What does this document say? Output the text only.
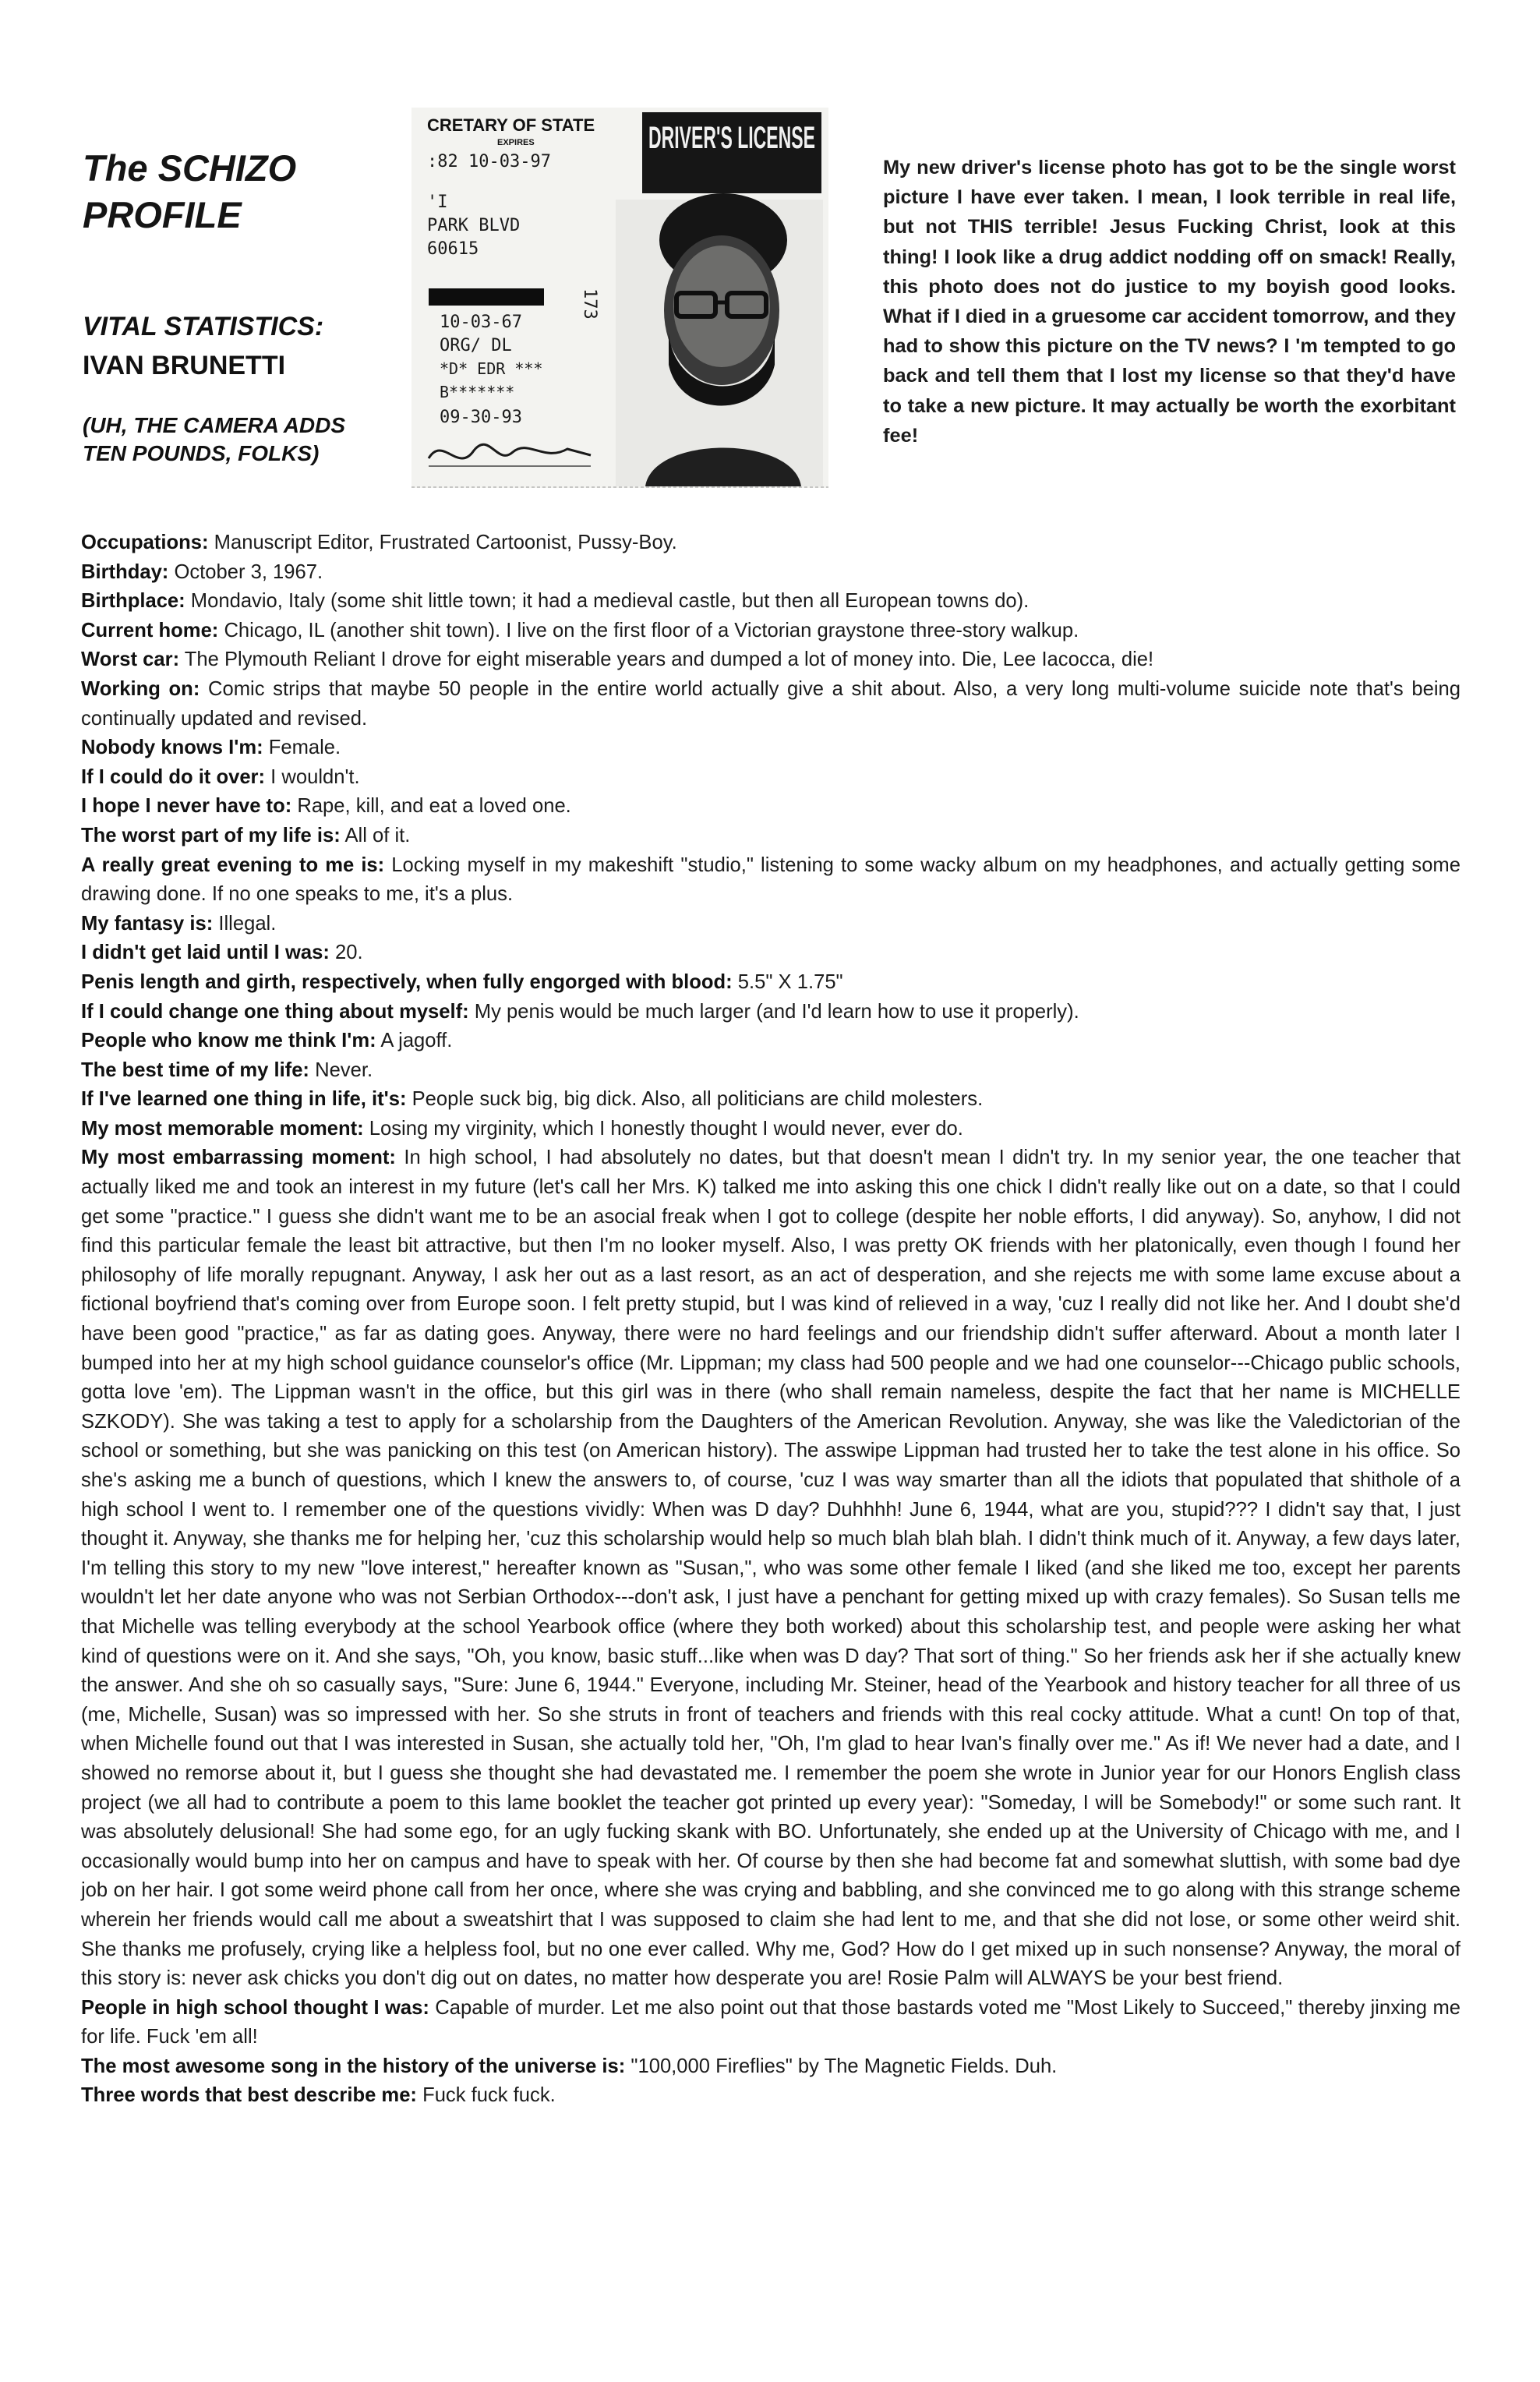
The SCHIZO
PROFILE

VITAL STATISTICS:

IVAN BRUNETTI

(UH, THE CAMERA ADDS
TEN POUNDS, FOLKS)

CRETARY OF STATE
EXPIRES
:82 10-03-97
'I
PARK BLVD
60615
10-03-67
ORG/ DL
*D* EDR ***
B*******
09-30-93
173
DRIVER'S LICENSE

My new driver's license photo has got to be the single worst picture I have ever taken. I mean, I look terrible in real life, but not THIS terrible! Jesus Fucking Christ, look at this thing! I look like a drug addict nodding off on smack! Really, this photo does not do justice to my boyish good looks. What if I died in a gruesome car accident tomorrow, and they had to show this picture on the TV news? I 'm tempted to go back and tell them that I lost my license so that they'd have to take a new picture. It may actually be worth the exorbitant fee!

Occupations: Manuscript Editor, Frustrated Cartoonist, Pussy-Boy.

Birthday: October 3, 1967.

Birthplace: Mondavio, Italy (some shit little town; it had a medieval castle, but then all European towns do).

Current home: Chicago, IL (another shit town). I live on the first floor of a Victorian graystone three-story walkup.

Worst car: The Plymouth Reliant I drove for eight miserable years and dumped a lot of money into. Die, Lee Iacocca, die!

Working on: Comic strips that maybe 50 people in the entire world actually give a shit about. Also, a very long multi-volume suicide note that's being continually updated and revised.

Nobody knows I'm: Female.

If I could do it over: I wouldn't.

I hope I never have to: Rape, kill, and eat a loved one.

The worst part of my life is: All of it.

A really great evening to me is: Locking myself in my makeshift "studio," listening to some wacky album on my headphones, and actually getting some drawing done. If no one speaks to me, it's a plus.

My fantasy is: Illegal.

I didn't get laid until I was: 20.

Penis length and girth, respectively, when fully engorged with blood: 5.5" X 1.75"

If I could change one thing about myself: My penis would be much larger (and I'd learn how to use it properly).

People who know me think I'm: A jagoff.

The best time of my life: Never.

If I've learned one thing in life, it's: People suck big, big dick. Also, all politicians are child molesters.

My most memorable moment: Losing my virginity, which I honestly thought I would never, ever do.

My most embarrassing moment: In high school, I had absolutely no dates, but that doesn't mean I didn't try. In my senior year, the one teacher that actually liked me and took an interest in my future (let's call her Mrs. K) talked me into asking this one chick I didn't really like out on a date, so that I could get some "practice." I guess she didn't want me to be an asocial freak when I got to college (despite her noble efforts, I did anyway). So, anyhow, I did not find this particular female the least bit attractive, but then I'm no looker myself. Also, I was pretty OK friends with her platonically, even though I found her philosophy of life morally repugnant. Anyway, I ask her out as a last resort, as an act of desperation, and she rejects me with some lame excuse about a fictional boyfriend that's coming over from Europe soon. I felt pretty stupid, but I was kind of relieved in a way, 'cuz I really did not like her. And I doubt she'd have been good "practice," as far as dating goes. Anyway, there were no hard feelings and our friendship didn't suffer afterward. About a month later I bumped into her at my high school guidance counselor's office (Mr. Lippman; my class had 500 people and we had one counselor---Chicago public schools, gotta love 'em). The Lippman wasn't in the office, but this girl was in there (who shall remain nameless, despite the fact that her name is MICHELLE SZKODY). She was taking a test to apply for a scholarship from the Daughters of the American Revolution. Anyway, she was like the Valedictorian of the school or something, but she was panicking on this test (on American history). The asswipe Lippman had trusted her to take the test alone in his office. So she's asking me a bunch of questions, which I knew the answers to, of course, 'cuz I was way smarter than all the idiots that populated that shithole of a high school I went to. I remember one of the questions vividly: When was D day? Duhhhh! June 6, 1944, what are you, stupid??? I didn't say that, I just thought it. Anyway, she thanks me for helping her, 'cuz this scholarship would help so much blah blah blah. I didn't think much of it. Anyway, a few days later, I'm telling this story to my new "love interest," hereafter known as "Susan,", who was some other female I liked (and she liked me too, except her parents wouldn't let her date anyone who was not Serbian Orthodox---don't ask, I just have a penchant for getting mixed up with crazy females). So Susan tells me that Michelle was telling everybody at the school Yearbook office (where they both worked) about this scholarship test, and people were asking her what kind of questions were on it. And she says, "Oh, you know, basic stuff...like when was D day? That sort of thing." So her friends ask her if she actually knew the answer. And she oh so casually says, "Sure: June 6, 1944." Everyone, including Mr. Steiner, head of the Yearbook and history teacher for all three of us (me, Michelle, Susan) was so impressed with her. So she struts in front of teachers and friends with this real cocky attitude. What a cunt! On top of that, when Michelle found out that I was interested in Susan, she actually told her, "Oh, I'm glad to hear Ivan's finally over me." As if! We never had a date, and I showed no remorse about it, but I guess she thought she had devastated me. I remember the poem she wrote in Junior year for our Honors English class project (we all had to contribute a poem to this lame booklet the teacher got printed up every year): "Someday, I will be Somebody!" or some such rant. It was absolutely delusional! She had some ego, for an ugly fucking skank with BO. Unfortunately, she ended up at the University of Chicago with me, and I occasionally would bump into her on campus and have to speak with her. Of course by then she had become fat and somewhat sluttish, with some bad dye job on her hair. I got some weird phone call from her once, where she was crying and babbling, and she convinced me to go along with this strange scheme wherein her friends would call me about a sweatshirt that I was supposed to claim she had lent to me, and that she did not lose, or some other weird shit. She thanks me profusely, crying like a helpless fool, but no one ever called. Why me, God? How do I get mixed up in such nonsense? Anyway, the moral of this story is: never ask chicks you don't dig out on dates, no matter how desperate you are! Rosie Palm will ALWAYS be your best friend.

People in high school thought I was: Capable of murder. Let me also point out that those bastards voted me "Most Likely to Succeed," thereby jinxing me for life. Fuck 'em all!

The most awesome song in the history of the universe is: "100,000 Fireflies" by The Magnetic Fields. Duh.

Three words that best describe me: Fuck fuck fuck.
